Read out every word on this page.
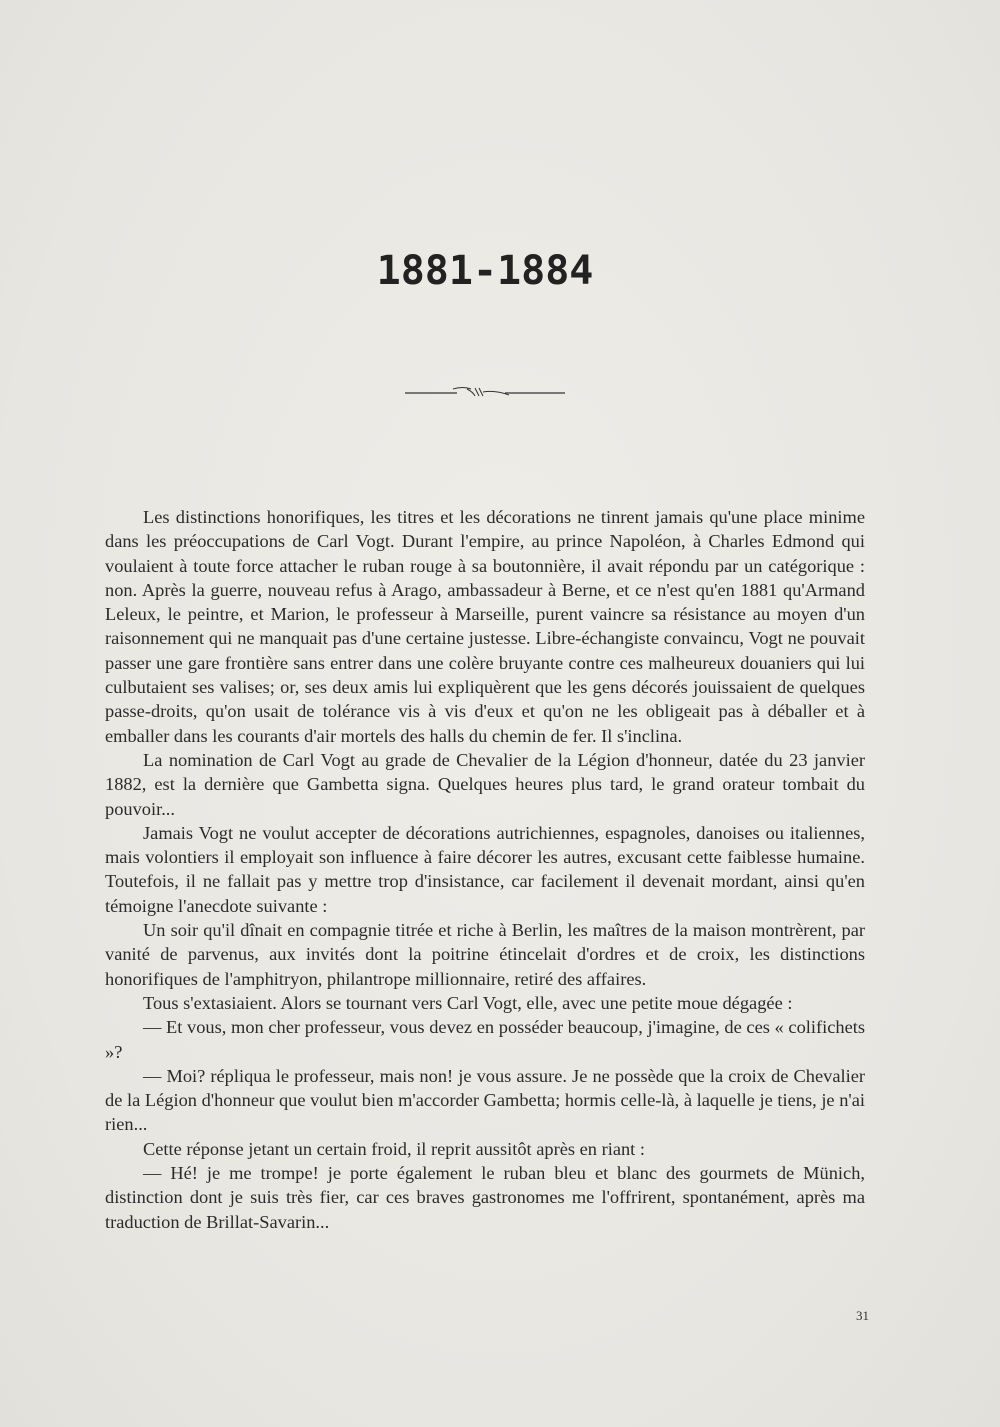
1881-1884

Les distinctions honorifiques, les titres et les décorations ne tinrent jamais qu'une place minime dans les préoccupations de Carl Vogt. Durant l'empire, au prince Napoléon, à Charles Edmond qui voulaient à toute force attacher le ruban rouge à sa boutonnière, il avait répondu par un catégorique : non. Après la guerre, nouveau refus à Arago, ambassadeur à Berne, et ce n'est qu'en 1881 qu'Armand Leleux, le peintre, et Marion, le professeur à Marseille, purent vaincre sa résistance au moyen d'un raisonnement qui ne manquait pas d'une certaine justesse. Libre-échangiste convaincu, Vogt ne pouvait passer une gare frontière sans entrer dans une colère bruyante contre ces malheureux douaniers qui lui culbutaient ses valises; or, ses deux amis lui expliquèrent que les gens décorés jouissaient de quelques passe-droits, qu'on usait de tolérance vis à vis d'eux et qu'on ne les obligeait pas à déballer et à emballer dans les courants d'air mortels des halls du chemin de fer. Il s'inclina.

La nomination de Carl Vogt au grade de Chevalier de la Légion d'honneur, datée du 23 janvier 1882, est la dernière que Gambetta signa. Quelques heures plus tard, le grand orateur tombait du pouvoir...

Jamais Vogt ne voulut accepter de décorations autrichiennes, espagnoles, danoises ou italiennes, mais volontiers il employait son influence à faire décorer les autres, excusant cette faiblesse humaine. Toutefois, il ne fallait pas y mettre trop d'insistance, car facilement il devenait mordant, ainsi qu'en témoigne l'anecdote suivante :

Un soir qu'il dînait en compagnie titrée et riche à Berlin, les maîtres de la maison montrèrent, par vanité de parvenus, aux invités dont la poitrine étincelait d'ordres et de croix, les distinctions honorifiques de l'amphitryon, philantrope millionnaire, retiré des affaires.

Tous s'extasiaient. Alors se tournant vers Carl Vogt, elle, avec une petite moue dégagée :

— Et vous, mon cher professeur, vous devez en posséder beaucoup, j'imagine, de ces « colifichets »?

— Moi? répliqua le professeur, mais non! je vous assure. Je ne possède que la croix de Chevalier de la Légion d'honneur que voulut bien m'accorder Gambetta; hormis celle-là, à laquelle je tiens, je n'ai rien...

Cette réponse jetant un certain froid, il reprit aussitôt après en riant :

— Hé! je me trompe! je porte également le ruban bleu et blanc des gourmets de Münich, distinction dont je suis très fier, car ces braves gastronomes me l'offrirent, spontanément, après ma traduction de Brillat-Savarin...

31
